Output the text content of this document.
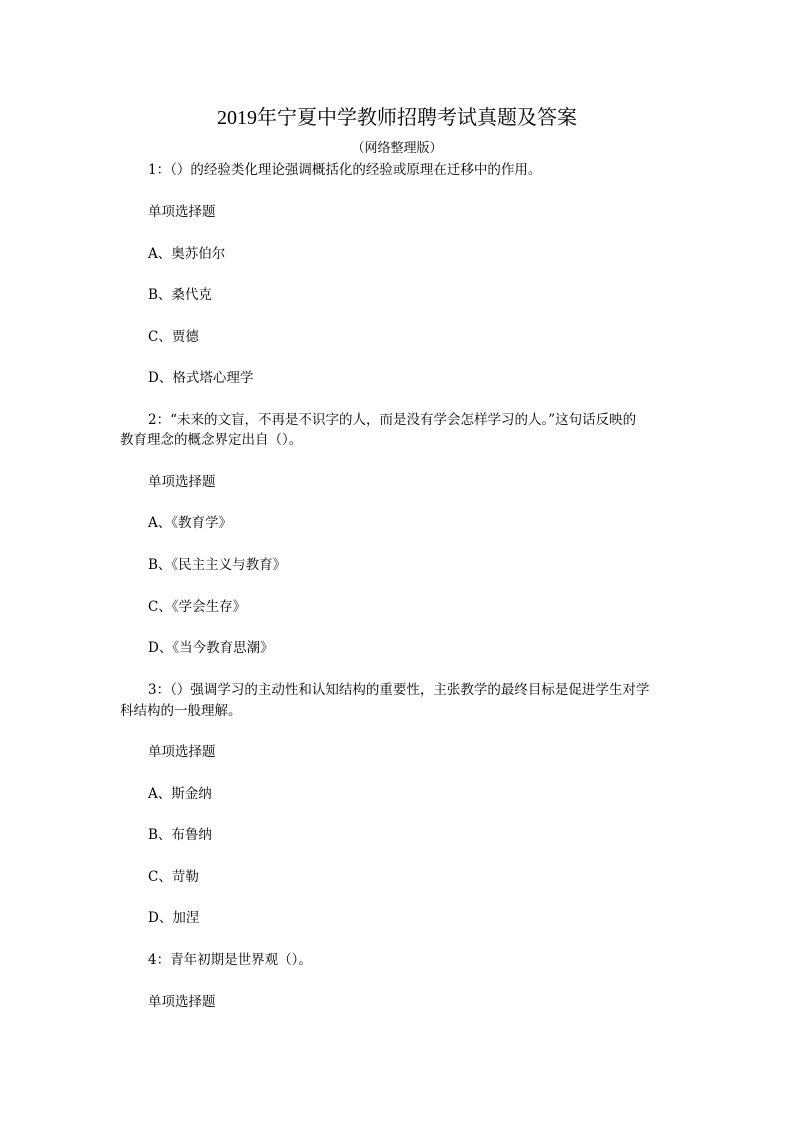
2019年宁夏中学教师招聘考试真题及答案
（网络整理版）
1：（）的经验类化理论强调概括化的经验或原理在迁移中的作用。
单项选择题
A、奥苏伯尔
B、桑代克
C、贾德
D、格式塔心理学
2：“未来的文盲，不再是不识字的人，而是没有学会怎样学习的人。”这句话反映的
教育理念的概念界定出自（）。
单项选择题
A、《教育学》
B、《民主主义与教育》
C、《学会生存》
D、《当今教育思潮》
3：（）强调学习的主动性和认知结构的重要性，主张教学的最终目标是促进学生对学
科结构的一般理解。
单项选择题
A、斯金纳
B、布鲁纳
C、苛勒
D、加涅
4：青年初期是世界观（）。
单项选择题
